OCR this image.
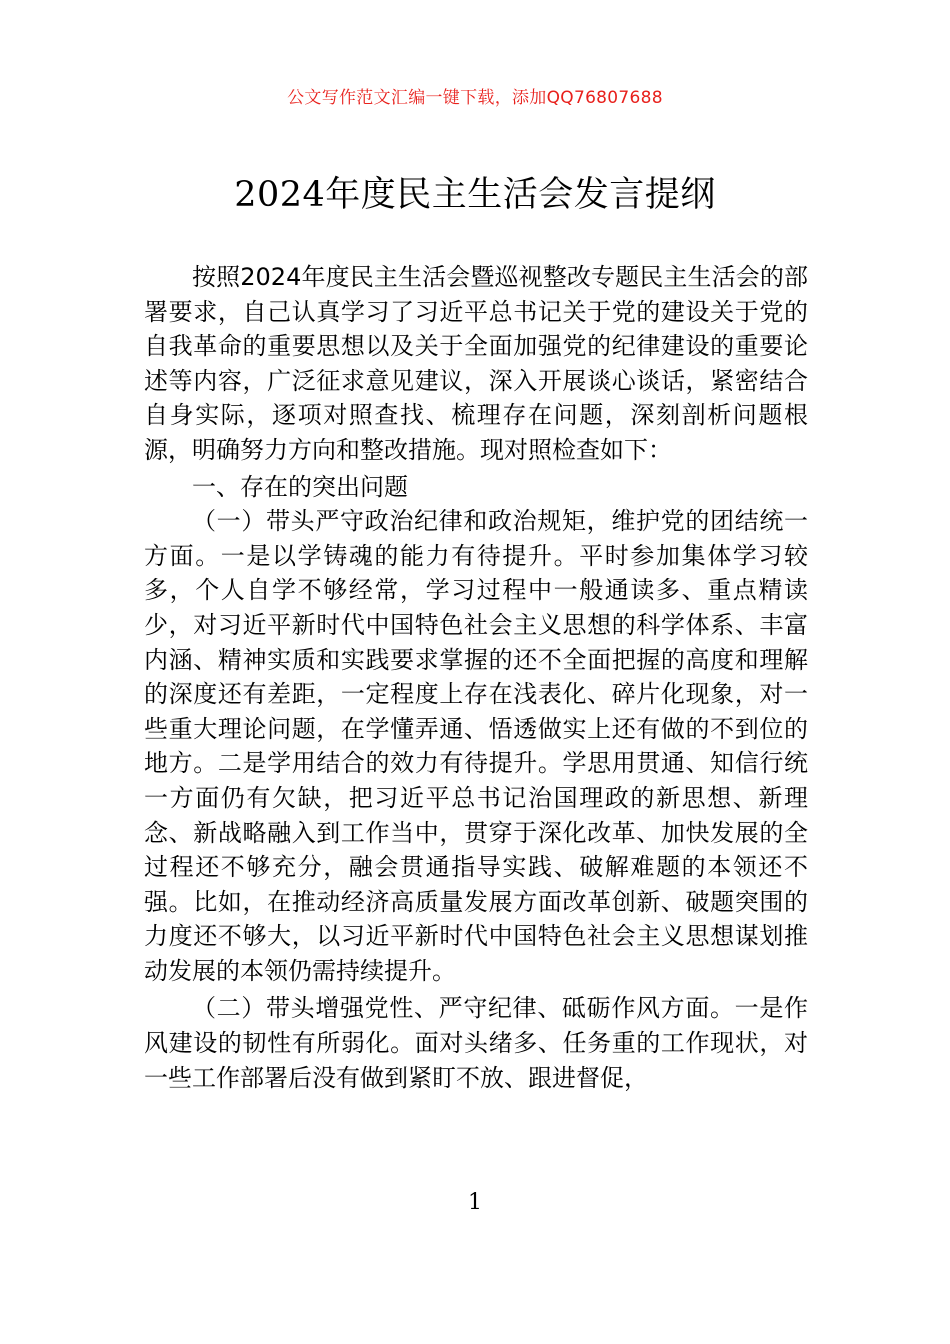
公文写作范文汇编一键下载，添加QQ76807688
2024年度民主生活会发言提纲

按照2024年度民主生活会暨巡视整改专题民主生活会的部署要求，自己认真学习了习近平总书记关于党的建设关于党的自我革命的重要思想以及关于全面加强党的纪律建设的重要论述等内容，广泛征求意见建议，深入开展谈心谈话，紧密结合自身实际，逐项对照查找、梳理存在问题，深刻剖析问题根源，明确努力方向和整改措施。现对照检查如下：

一、存在的突出问题

（一）带头严守政治纪律和政治规矩，维护党的团结统一方面。一是以学铸魂的能力有待提升。平时参加集体学习较多，个人自学不够经常，学习过程中一般通读多、重点精读少，对习近平新时代中国特色社会主义思想的科学体系、丰富内涵、精神实质和实践要求掌握的还不全面把握的高度和理解的深度还有差距，一定程度上存在浅表化、碎片化现象，对一些重大理论问题，在学懂弄通、悟透做实上还有做的不到位的地方。二是学用结合的效力有待提升。学思用贯通、知信行统一方面仍有欠缺，把习近平总书记治国理政的新思想、新理念、新战略融入到工作当中，贯穿于深化改革、加快发展的全过程还不够充分，融会贯通指导实践、破解难题的本领还不强。比如，在推动经济高质量发展方面改革创新、破题突围的力度还不够大，以习近平新时代中国特色社会主义思想谋划推动发展的本领仍需持续提升。

（二）带头增强党性、严守纪律、砥砺作风方面。一是作风建设的韧性有所弱化。面对头绪多、任务重的工作现状，对一些工作部署后没有做到紧盯不放、跟进督促，

1
